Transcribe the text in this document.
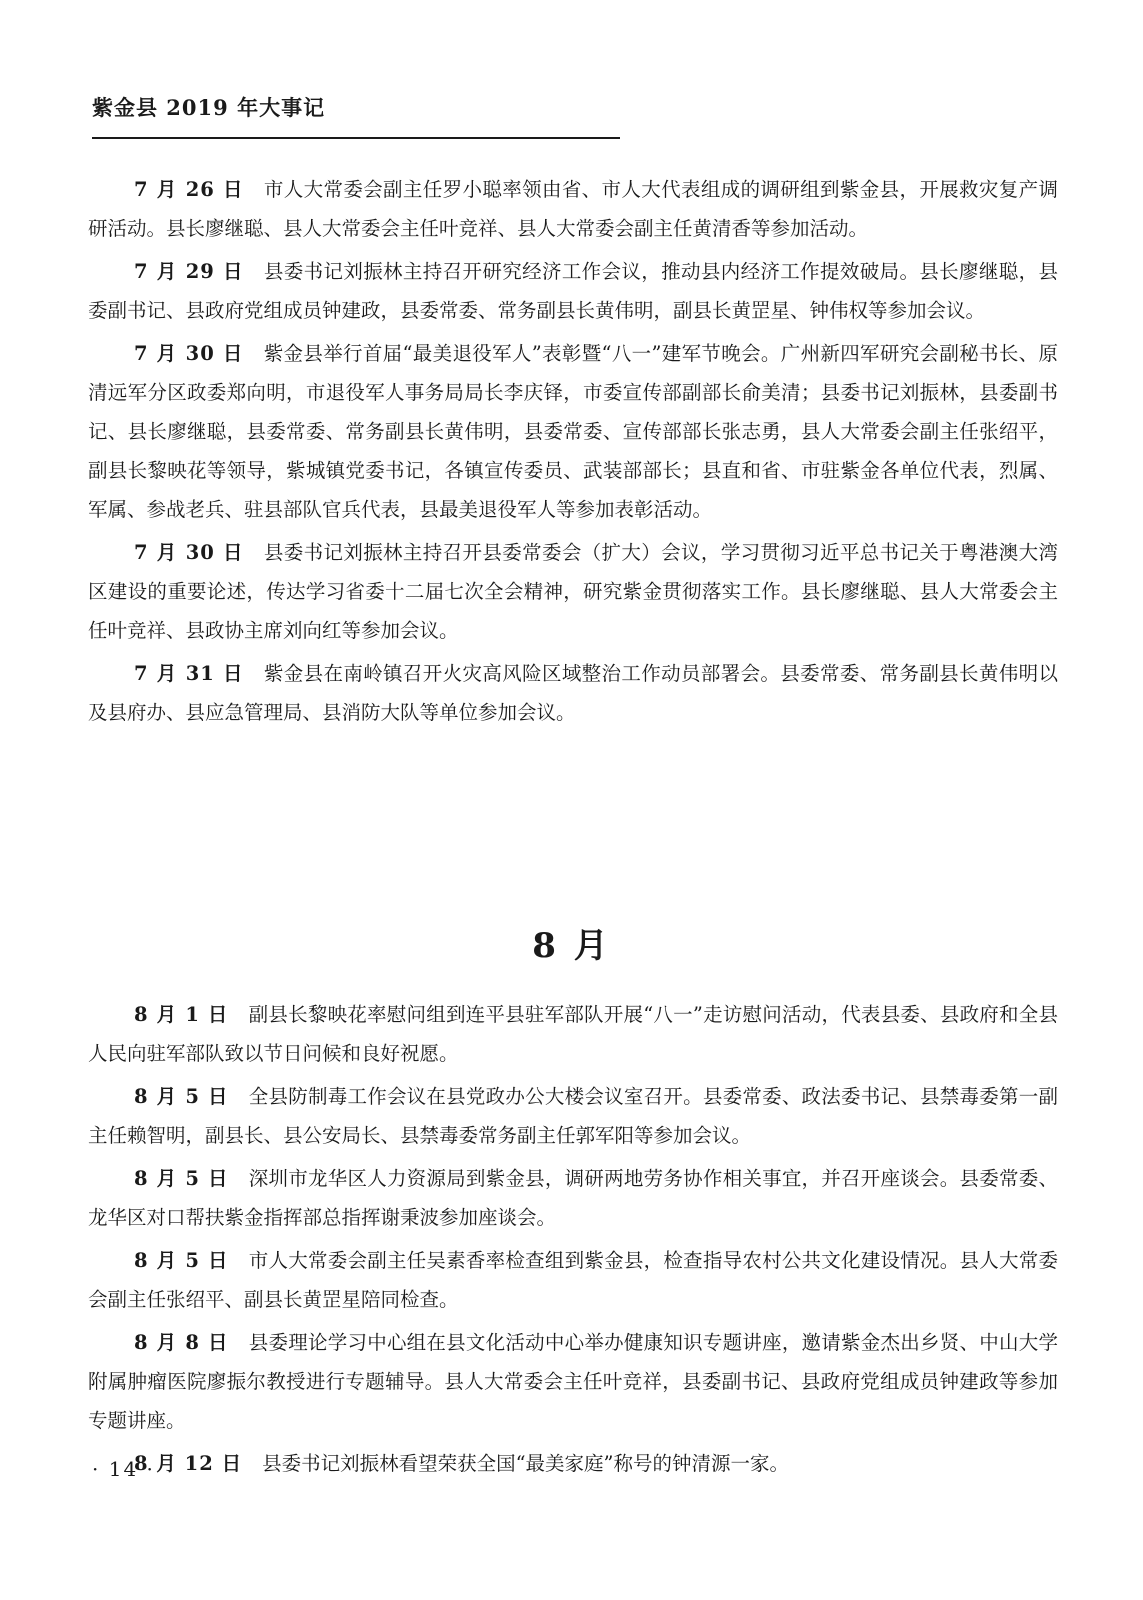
紫金县 2019 年大事记

7 月 26 日 市人大常委会副主任罗小聪率领由省、市人大代表组成的调研组到紫金县，开展救灾复产调研活动。县长廖继聪、县人大常委会主任叶竞祥、县人大常委会副主任黄清香等参加活动。

7 月 29 日 县委书记刘振林主持召开研究经济工作会议，推动县内经济工作提效破局。县长廖继聪，县委副书记、县政府党组成员钟建政，县委常委、常务副县长黄伟明，副县长黄罡星、钟伟权等参加会议。

7 月 30 日 紫金县举行首届“最美退役军人”表彰暨“八一”建军节晚会。广州新四军研究会副秘书长、原清远军分区政委郑向明，市退役军人事务局局长李庆铎，市委宣传部副部长俞美清；县委书记刘振林，县委副书记、县长廖继聪，县委常委、常务副县长黄伟明，县委常委、宣传部部长张志勇，县人大常委会副主任张绍平，副县长黎映花等领导，紫城镇党委书记，各镇宣传委员、武装部部长；县直和省、市驻紫金各单位代表，烈属、军属、参战老兵、驻县部队官兵代表，县最美退役军人等参加表彰活动。

7 月 30 日 县委书记刘振林主持召开县委常委会（扩大）会议，学习贯彻习近平总书记关于粤港澳大湾区建设的重要论述，传达学习省委十二届七次全会精神，研究紫金贯彻落实工作。县长廖继聪、县人大常委会主任叶竞祥、县政协主席刘向红等参加会议。

7 月 31 日 紫金县在南岭镇召开火灾高风险区域整治工作动员部署会。县委常委、常务副县长黄伟明以及县府办、县应急管理局、县消防大队等单位参加会议。

8 月

8 月 1 日 副县长黎映花率慰问组到连平县驻军部队开展“八一”走访慰问活动，代表县委、县政府和全县人民向驻军部队致以节日问候和良好祝愿。

8 月 5 日 全县防制毒工作会议在县党政办公大楼会议室召开。县委常委、政法委书记、县禁毒委第一副主任赖智明，副县长、县公安局长、县禁毒委常务副主任郭军阳等参加会议。

8 月 5 日 深圳市龙华区人力资源局到紫金县，调研两地劳务协作相关事宜，并召开座谈会。县委常委、龙华区对口帮扶紫金指挥部总指挥谢秉波参加座谈会。

8 月 5 日 市人大常委会副主任吴素香率检查组到紫金县，检查指导农村公共文化建设情况。县人大常委会副主任张绍平、副县长黄罡星陪同检查。

8 月 8 日 县委理论学习中心组在县文化活动中心举办健康知识专题讲座，邀请紫金杰出乡贤、中山大学附属肿瘤医院廖振尔教授进行专题辅导。县人大常委会主任叶竞祥，县委副书记、县政府党组成员钟建政等参加专题讲座。

8 月 12 日 县委书记刘振林看望荣获全国“最美家庭”称号的钟清源一家。

· 14 ·
